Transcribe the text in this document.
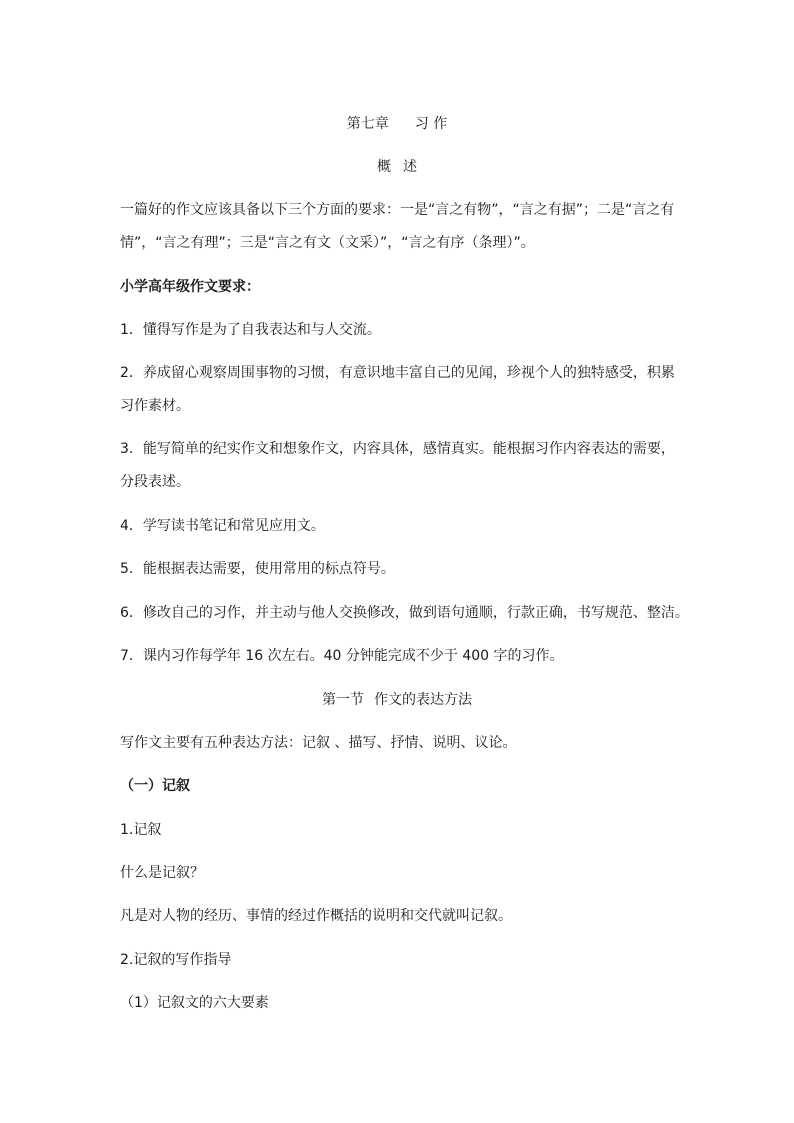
第七章 习 作
概 述
一篇好的作文应该具备以下三个方面的要求：一是“言之有物”，“言之有据”；二是“言之有
情”，“言之有理”；三是“言之有文（文采）”，“言之有序（条理）”。
小学高年级作文要求：
1．懂得写作是为了自我表达和与人交流。
2．养成留心观察周围事物的习惯，有意识地丰富自己的见闻，珍视个人的独特感受，积累
习作素材。
3．能写简单的纪实作文和想象作文，内容具体，感情真实。能根据习作内容表达的需要，
分段表述。
4．学写读书笔记和常见应用文。
5．能根据表达需要，使用常用的标点符号。
6．修改自己的习作，并主动与他人交换修改，做到语句通顺，行款正确，书写规范、整洁。
7．课内习作每学年 16 次左右。40 分钟能完成不少于 400 字的习作。
第一节 作文的表达方法
写作文主要有五种表达方法：记叙 、描写、抒情、说明、议论。
（一）记叙
1.记叙
什么是记叙？
凡是对人物的经历、事情的经过作概括的说明和交代就叫记叙。
2.记叙的写作指导
（1）记叙文的六大要素
